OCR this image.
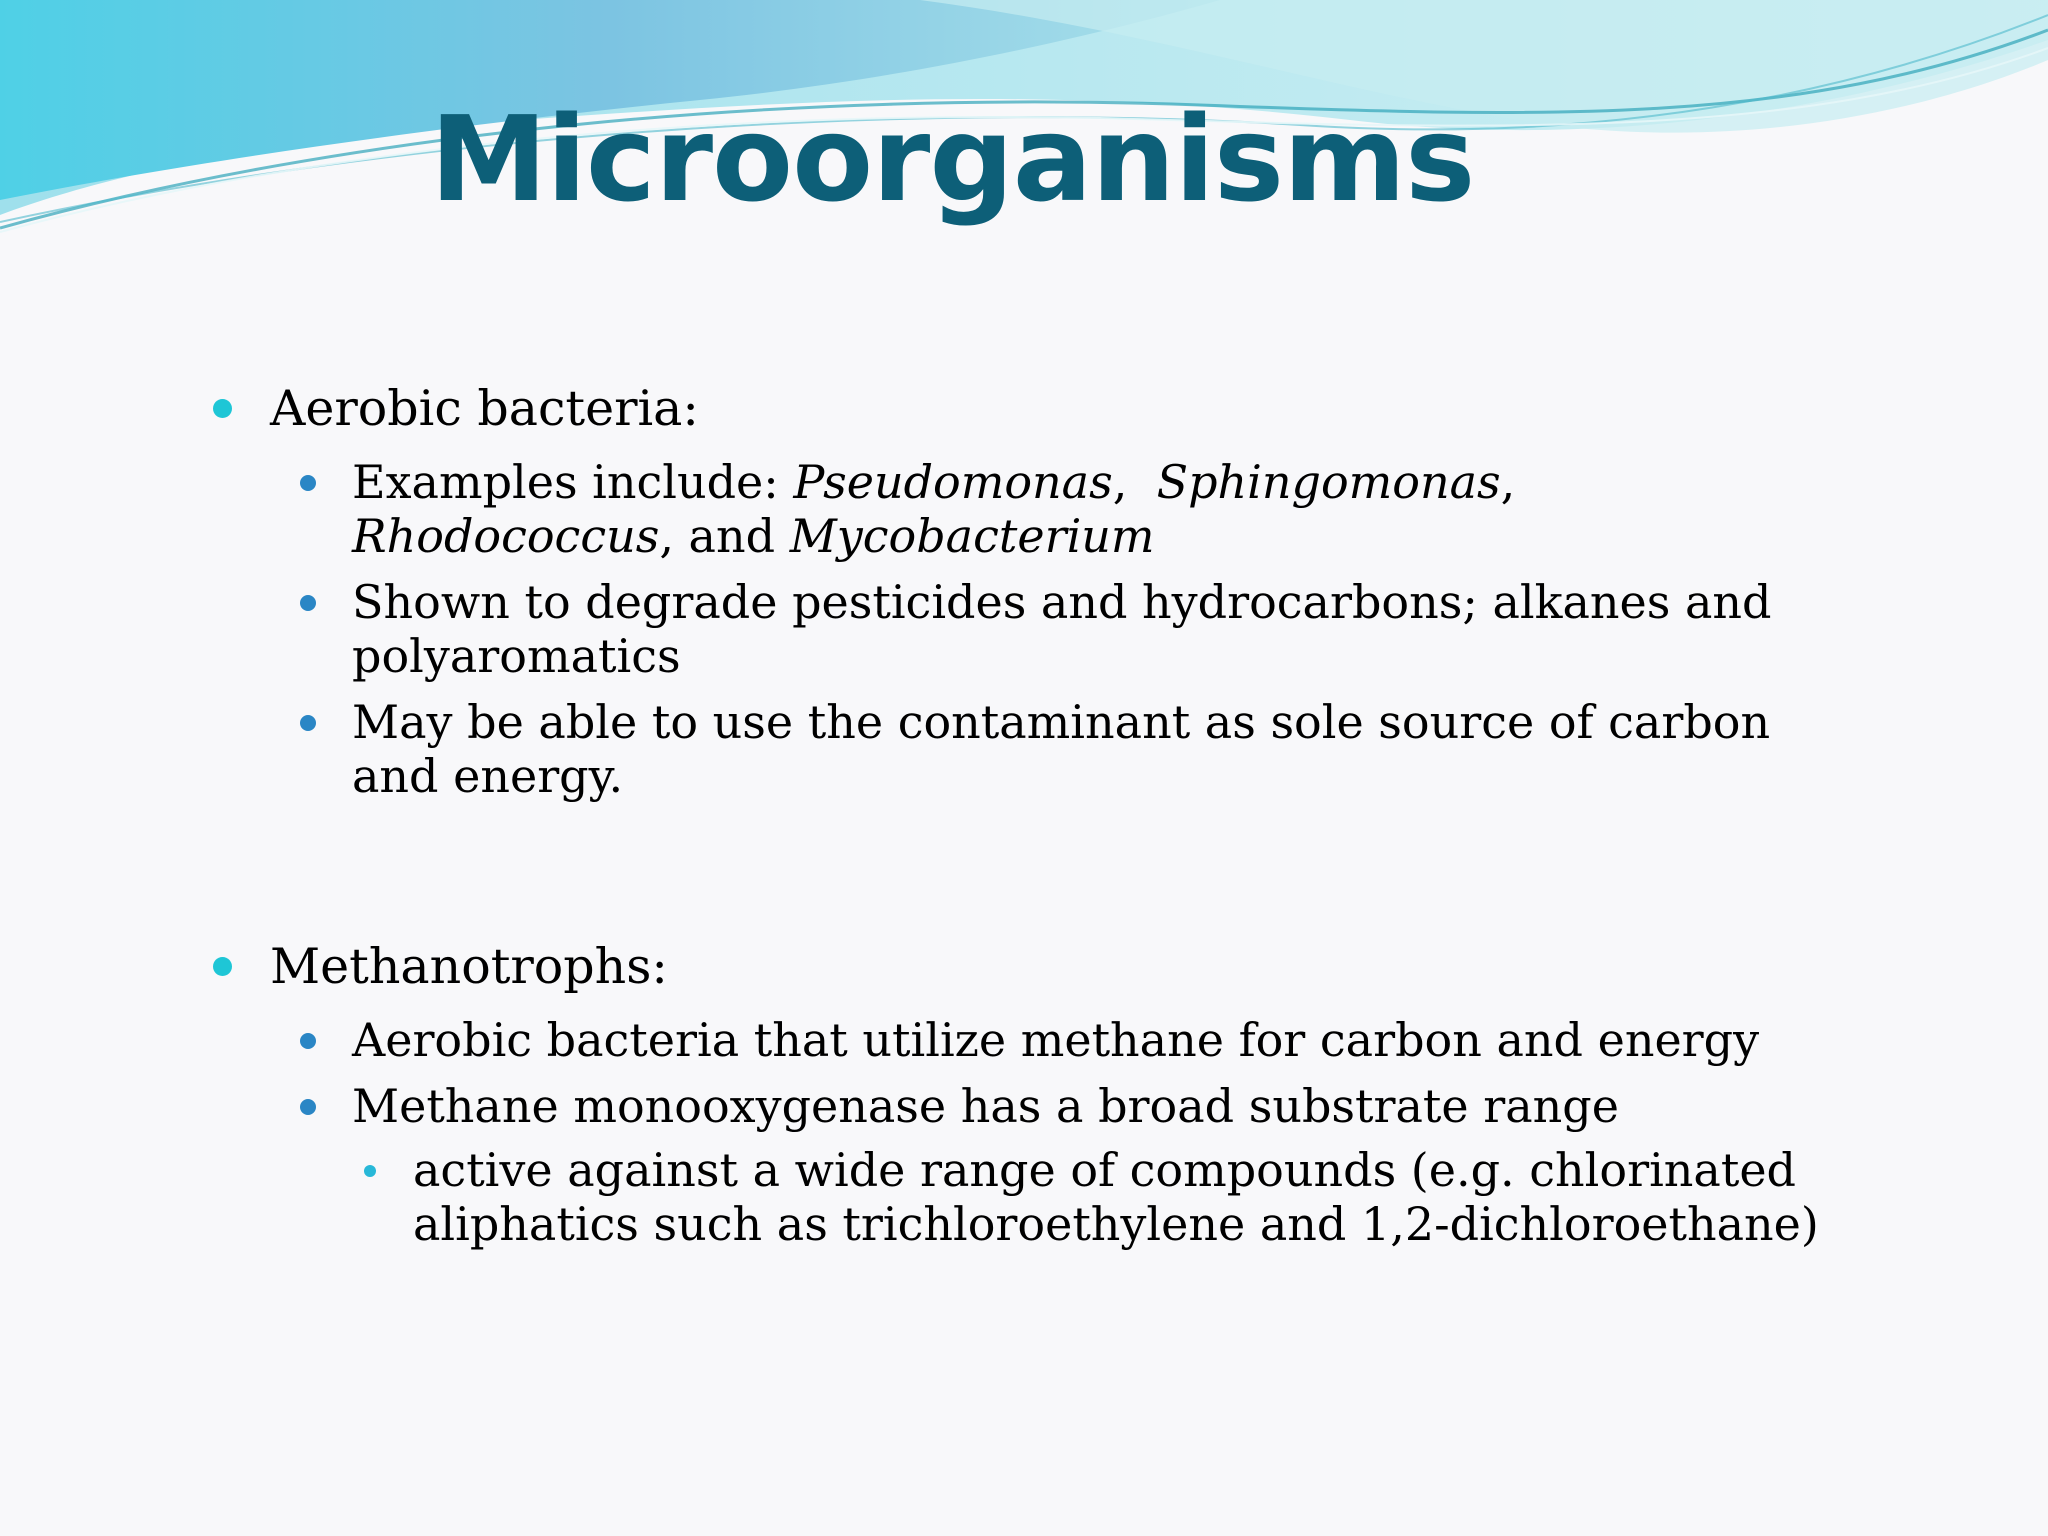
Microorganisms
Aerobic bacteria:
Examples include: Pseudomonas,  Sphingomonas,
Rhodococcus, and Mycobacterium
Shown to degrade pesticides and hydrocarbons; alkanes and polyaromatics
May be able to use the contaminant as sole source of carbon and energy.
Methanotrophs:
Aerobic bacteria that utilize methane for carbon and energy
Methane monooxygenase has a broad substrate range
active against a wide range of compounds (e.g. chlorinated aliphatics such as trichloroethylene and 1,2-dichloroethane)
